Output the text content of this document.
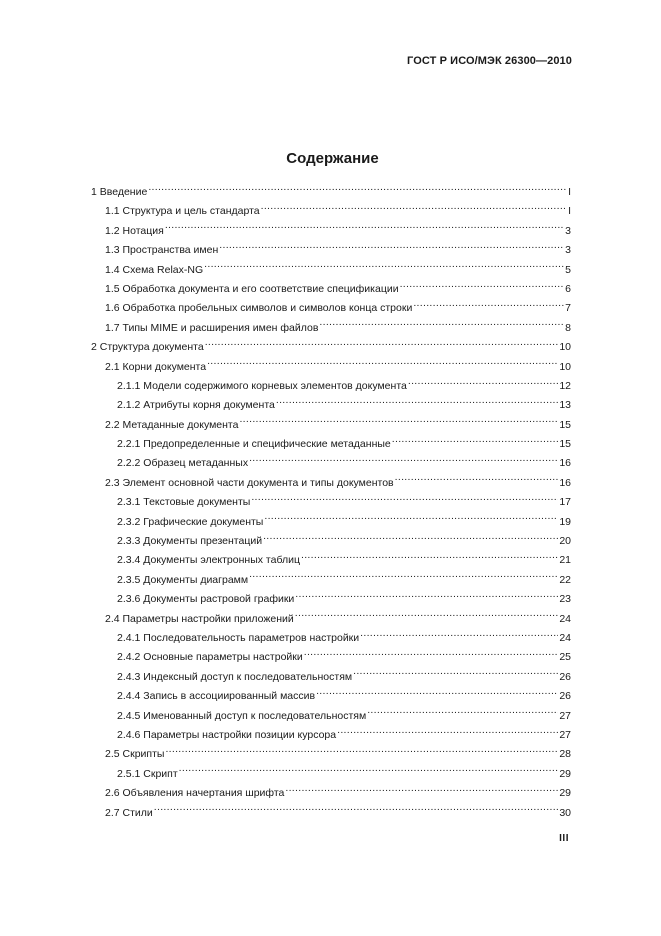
ГОСТ Р ИСО/МЭК 26300—2010
Содержание
1 Введение .....	I
1.1 Структура и цель стандарта .....	I
1.2 Нотация .....	3
1.3 Пространства имен .....	3
1.4 Схема Relax-NG .....	5
1.5 Обработка документа и его соответствие спецификации .....	6
1.6 Обработка пробельных символов и символов конца строки .....	7
1.7 Типы MIME и расширения имен файлов .....	8
2 Структура документа .....	10
2.1 Корни документа .....	10
2.1.1 Модели содержимого корневых элементов документа .....	12
2.1.2 Атрибуты корня документа .....	13
2.2 Метаданные документа .....	15
2.2.1 Предопределенные и специфические метаданные .....	15
2.2.2 Образец метаданных .....	16
2.3 Элемент основной части документа и типы документов .....	16
2.3.1 Текстовые документы .....	17
2.3.2 Графические документы .....	19
2.3.3 Документы презентаций .....	20
2.3.4 Документы электронных таблиц .....	21
2.3.5 Документы диаграмм .....	22
2.3.6 Документы растровой графики .....	23
2.4 Параметры настройки приложений .....	24
2.4.1 Последовательность параметров настройки .....	24
2.4.2 Основные параметры настройки .....	25
2.4.3 Индексный доступ к последовательностям .....	26
2.4.4 Запись в ассоциированный массив .....	26
2.4.5 Именованный доступ к последовательностям .....	27
2.4.6 Параметры настройки позиции курсора .....	27
2.5 Скрипты .....	28
2.5.1 Скрипт .....	29
2.6 Объявления начертания шрифта .....	29
2.7 Стили .....	30
III
